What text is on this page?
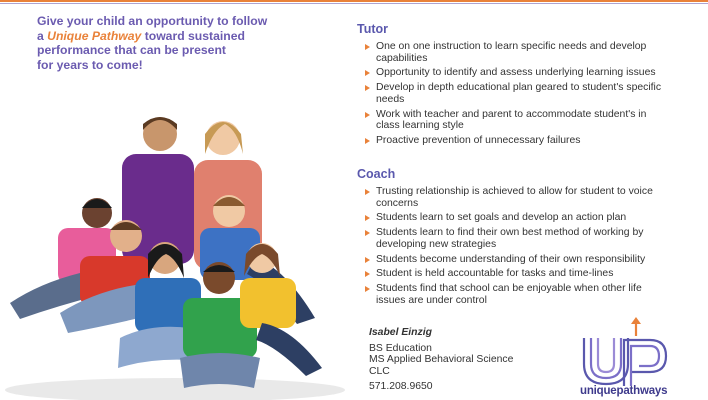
Give your child an opportunity to follow
a Unique Pathway toward sustained
performance that can be present
for years to come!
Tutor
One on one instruction to learn specific needs and develop capabilities
Opportunity to identify and assess underlying learning issues
Develop in depth educational plan geared to student's specific needs
Work with teacher and parent to accommodate student's in class learning style
Proactive prevention of unnecessary failures
Coach
Trusting relationship is achieved to allow for student to voice concerns
Students learn to set goals and develop an action plan
Students learn to find their own best method of working by developing new strategies
Students become understanding of their own responsibility
Student is held accountable for tasks and time-lines
Students find that school can be enjoyable when other life issues are under control
Isabel Einzig
BS Education
MS Applied Behavioral Science
CLC
571.208.9650	uniquepathways
